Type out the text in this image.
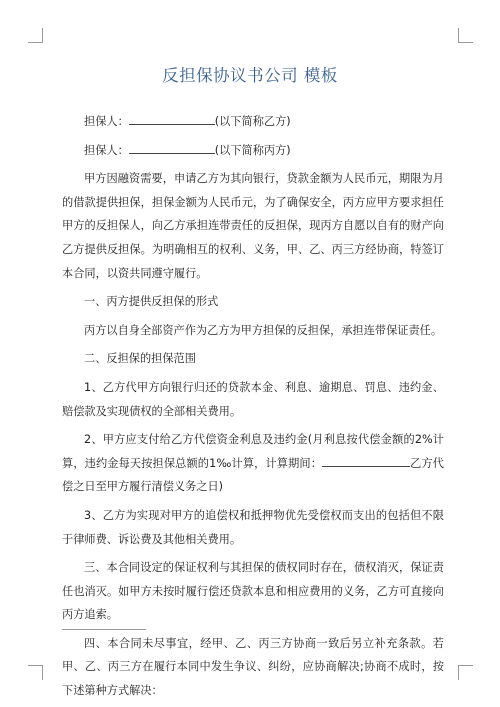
反担保协议书公司 模板

担保人：	(以下简称乙方)

担保人：	(以下简称丙方)

甲方因融资需要，申请乙方为其向银行，贷款金额为人民币元，期限为月的借款提供担保，担保金额为人民币元，为了确保安全，丙方应甲方要求担任甲方的反担保人，向乙方承担连带责任的反担保，现丙方自愿以自有的财产向乙方提供反担保。为明确相互的权利、义务，甲、乙、丙三方经协商，特签订本合同，以资共同遵守履行。

一、丙方提供反担保的形式

丙方以自身全部资产作为乙方为甲方担保的反担保，承担连带保证责任。

二、反担保的担保范围

1、乙方代甲方向银行归还的贷款本金、利息、逾期息、罚息、违约金、赔偿款及实现债权的全部相关费用。

2、甲方应支付给乙方代偿资金利息及违约金(月利息按代偿金额的2%计算，违约金每天按担保总额的1‰计算，计算期间：	乙方代偿之日至甲方履行清偿义务之日)

3、乙方为实现对甲方的追偿权和抵押物优先受偿权而支出的包括但不限于律师费、诉讼费及其他相关费用。

三、本合同设定的保证权利与其担保的债权同时存在，债权消灭，保证责任也消灭。如甲方未按时履行偿还贷款本息和相应费用的义务，乙方可直接向丙方追索。

四、本合同未尽事宜，经甲、乙、丙三方协商一致后另立补充条款。若甲、乙、丙三方在履行本同中发生争议、纠纷，应协商解决;协商不成时，按下述第种方式解决：
